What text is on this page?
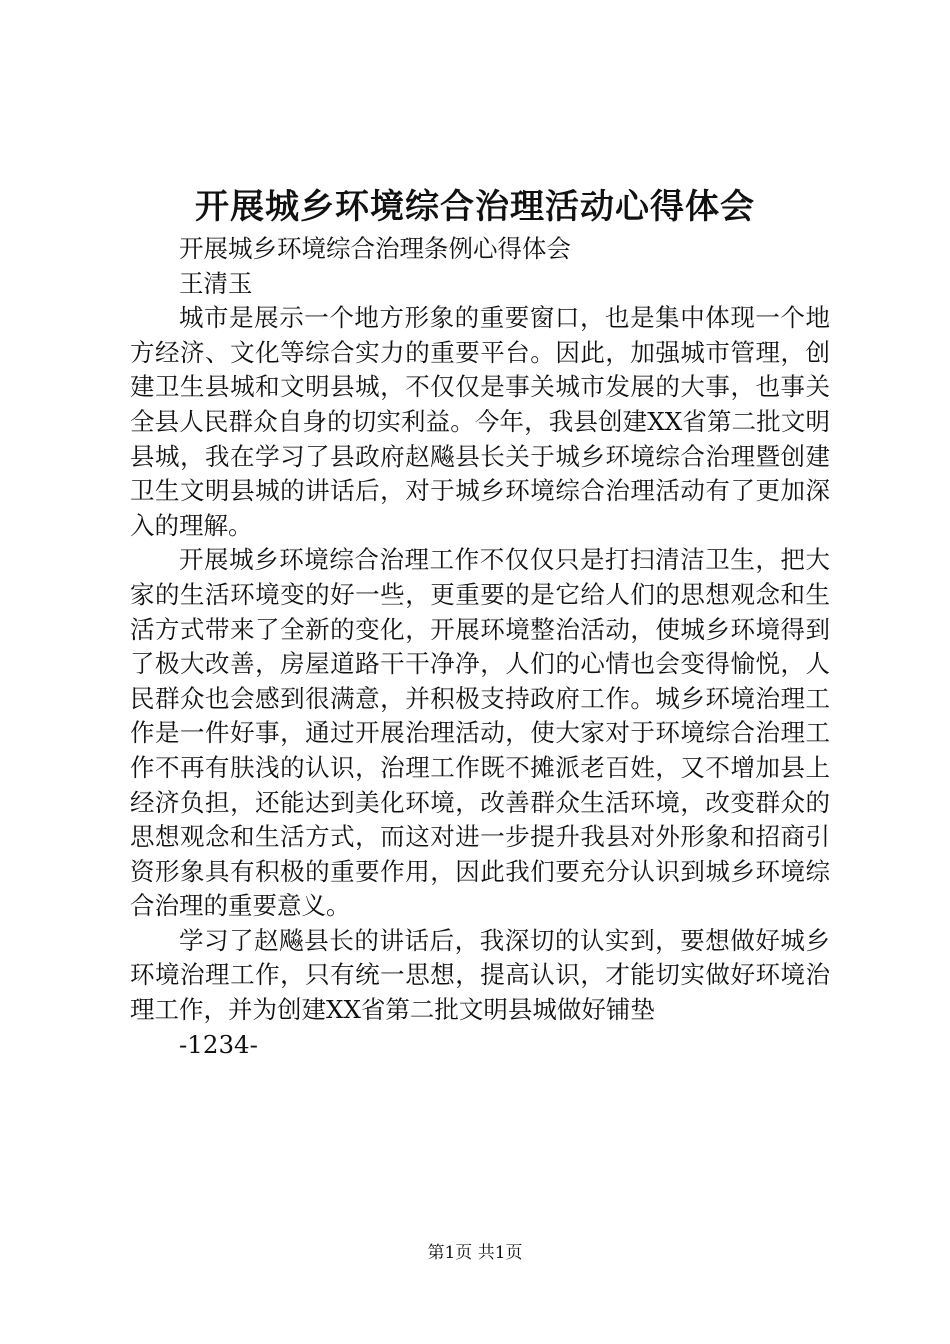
开展城乡环境综合治理活动心得体会

开展城乡环境综合治理条例心得体会

王清玉

城市是展示一个地方形象的重要窗口，也是集中体现一个地方经济、文化等综合实力的重要平台。因此，加强城市管理，创建卫生县城和文明县城，不仅仅是事关城市发展的大事，也事关全县人民群众自身的切实利益。今年，我县创建XX省第二批文明县城，我在学习了县政府赵飚县长关于城乡环境综合治理暨创建卫生文明县城的讲话后，对于城乡环境综合治理活动有了更加深入的理解。

开展城乡环境综合治理工作不仅仅只是打扫清洁卫生，把大家的生活环境变的好一些，更重要的是它给人们的思想观念和生活方式带来了全新的变化，开展环境整治活动，使城乡环境得到了极大改善，房屋道路干干净净，人们的心情也会变得愉悦，人民群众也会感到很满意，并积极支持政府工作。城乡环境治理工作是一件好事，通过开展治理活动，使大家对于环境综合治理工作不再有肤浅的认识，治理工作既不摊派老百姓，又不增加县上经济负担，还能达到美化环境，改善群众生活环境，改变群众的思想观念和生活方式，而这对进一步提升我县对外形象和招商引资形象具有积极的重要作用，因此我们要充分认识到城乡环境综合治理的重要意义。

学习了赵飚县长的讲话后，我深切的认实到，要想做好城乡环境治理工作，只有统一思想，提高认识，才能切实做好环境治理工作，并为创建XX省第二批文明县城做好铺垫

-1234-

第1页 共1页
